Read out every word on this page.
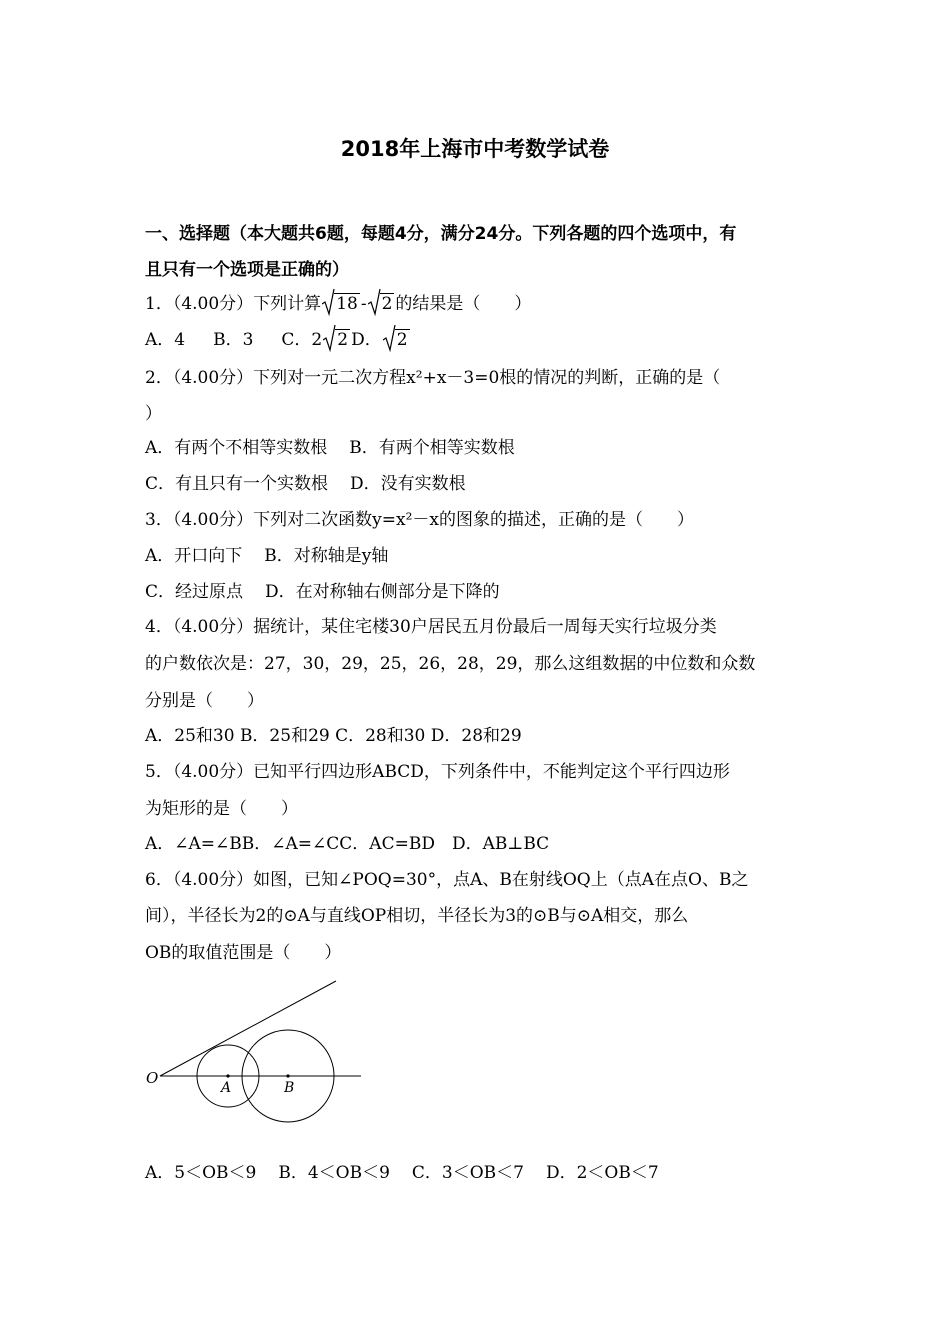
2018年上海市中考数学试卷
一、选择题（本大题共6题，每题4分，满分24分。下列各题的四个选项中，有
且只有一个选项是正确的）
1．（4.00分）下列计算 18 - 2 的结果是（　　）
A．4 B．3 C．2 2 D． 2
2．（4.00分）下列对一元二次方程x²+x－3=0根的情况的判断，正确的是（
）
A．有两个不相等实数根 B．有两个相等实数根
C．有且只有一个实数根 D．没有实数根
3．（4.00分）下列对二次函数y=x²－x的图象的描述，正确的是（　　）
A．开口向下 B．对称轴是y轴
C．经过原点 D．在对称轴右侧部分是下降的
4．（4.00分）据统计，某住宅楼30户居民五月份最后一周每天实行垃圾分类
的户数依次是：27，30，29，25，26，28，29，那么这组数据的中位数和众数
分别是（　　）
A．25和30 B．25和29 C．28和30 D．28和29
5．（4.00分）已知平行四边形ABCD，下列条件中，不能判定这个平行四边形
为矩形的是（　　）
A．∠A=∠BB．∠A=∠CC．AC=BD　D．AB⊥BC
6．（4.00分）如图，已知∠POQ=30°，点A、B在射线OQ上（点A在点O、B之
间），半径长为2的⊙A与直线OP相切，半径长为3的⊙B与⊙A相交，那么
OB的取值范围是（　　）
O
A	B
A．5＜OB＜9 B．4＜OB＜9 C．3＜OB＜7 D．2＜OB＜7
